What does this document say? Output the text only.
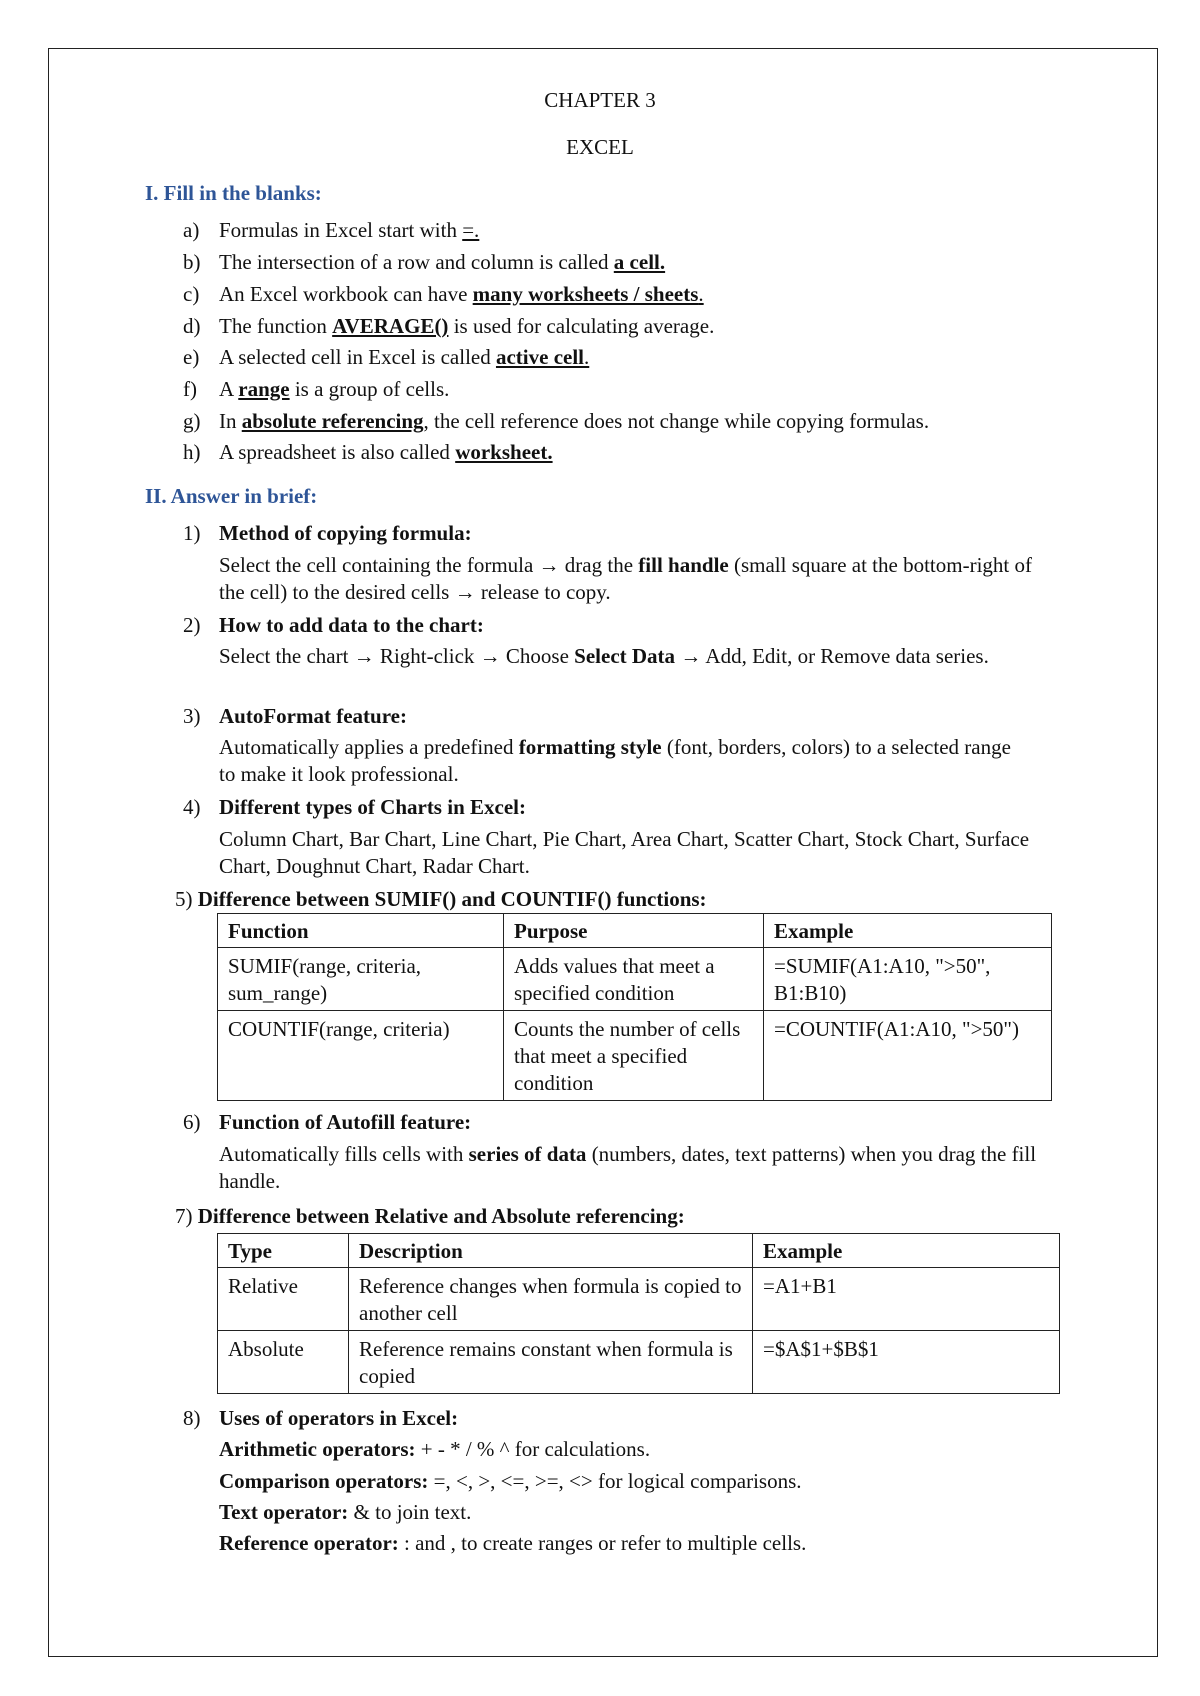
CHAPTER 3
EXCEL
I. Fill in the blanks:
a) Formulas in Excel start with =.
b) The intersection of a row and column is called a cell.
c) An Excel workbook can have many worksheets / sheets.
d) The function AVERAGE() is used for calculating average.
e) A selected cell in Excel is called active cell.
f) A range is a group of cells.
g) In absolute referencing, the cell reference does not change while copying formulas.
h) A spreadsheet is also called worksheet.
II. Answer in brief:
1) Method of copying formula:
Select the cell containing the formula → drag the fill handle (small square at the bottom-right of the cell) to the desired cells → release to copy.
2) How to add data to the chart:
Select the chart → Right-click → Choose Select Data → Add, Edit, or Remove data series.
3) AutoFormat feature:
Automatically applies a predefined formatting style (font, borders, colors) to a selected range to make it look professional.
4) Different types of Charts in Excel:
Column Chart, Bar Chart, Line Chart, Pie Chart, Area Chart, Scatter Chart, Stock Chart, Surface Chart, Doughnut Chart, Radar Chart.
5) Difference between SUMIF() and COUNTIF() functions:
Function	Purpose	Example
SUMIF(range, criteria, sum_range)	Adds values that meet a specified condition	=SUMIF(A1:A10, ">50", B1:B10)
COUNTIF(range, criteria)	Counts the number of cells that meet a specified condition	=COUNTIF(A1:A10, ">50")
6) Function of Autofill feature:
Automatically fills cells with series of data (numbers, dates, text patterns) when you drag the fill handle.
7) Difference between Relative and Absolute referencing:
Type	Description	Example
Relative	Reference changes when formula is copied to another cell	=A1+B1
Absolute	Reference remains constant when formula is copied	=$A$1+$B$1
8) Uses of operators in Excel:
Arithmetic operators: + - * / % ^ for calculations.
Comparison operators: =, <, >, <=, >=, <> for logical comparisons.
Text operator: & to join text.
Reference operator: : and , to create ranges or refer to multiple cells.
